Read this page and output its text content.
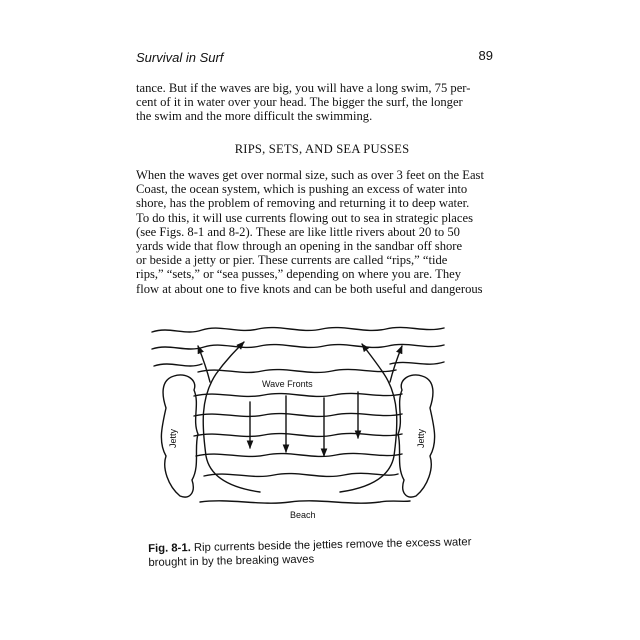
Survival in Surf	89
tance. But if the waves are big, you will have a long swim, 75 per-
cent of it in water over your head. The bigger the surf, the longer
the swim and the more difficult the swimming.
RIPS, SETS, AND SEA PUSSES
When the waves get over normal size, such as over 3 feet on the East
Coast, the ocean system, which is pushing an excess of water into
shore, has the problem of removing and returning it to deep water.
To do this, it will use currents flowing out to sea in strategic places
(see Figs. 8-1 and 8-2). These are like little rivers about 20 to 50
yards wide that flow through an opening in the sandbar off shore
or beside a jetty or pier. These currents are called “rips,” “tide
rips,” “sets,” or “sea pusses,” depending on where you are. They
flow at about one to five knots and can be both useful and dangerous
Wave Fronts
Jetty	Jetty
Beach
Fig. 8-1. Rip currents beside the jetties remove the excess water brought in by the breaking waves
